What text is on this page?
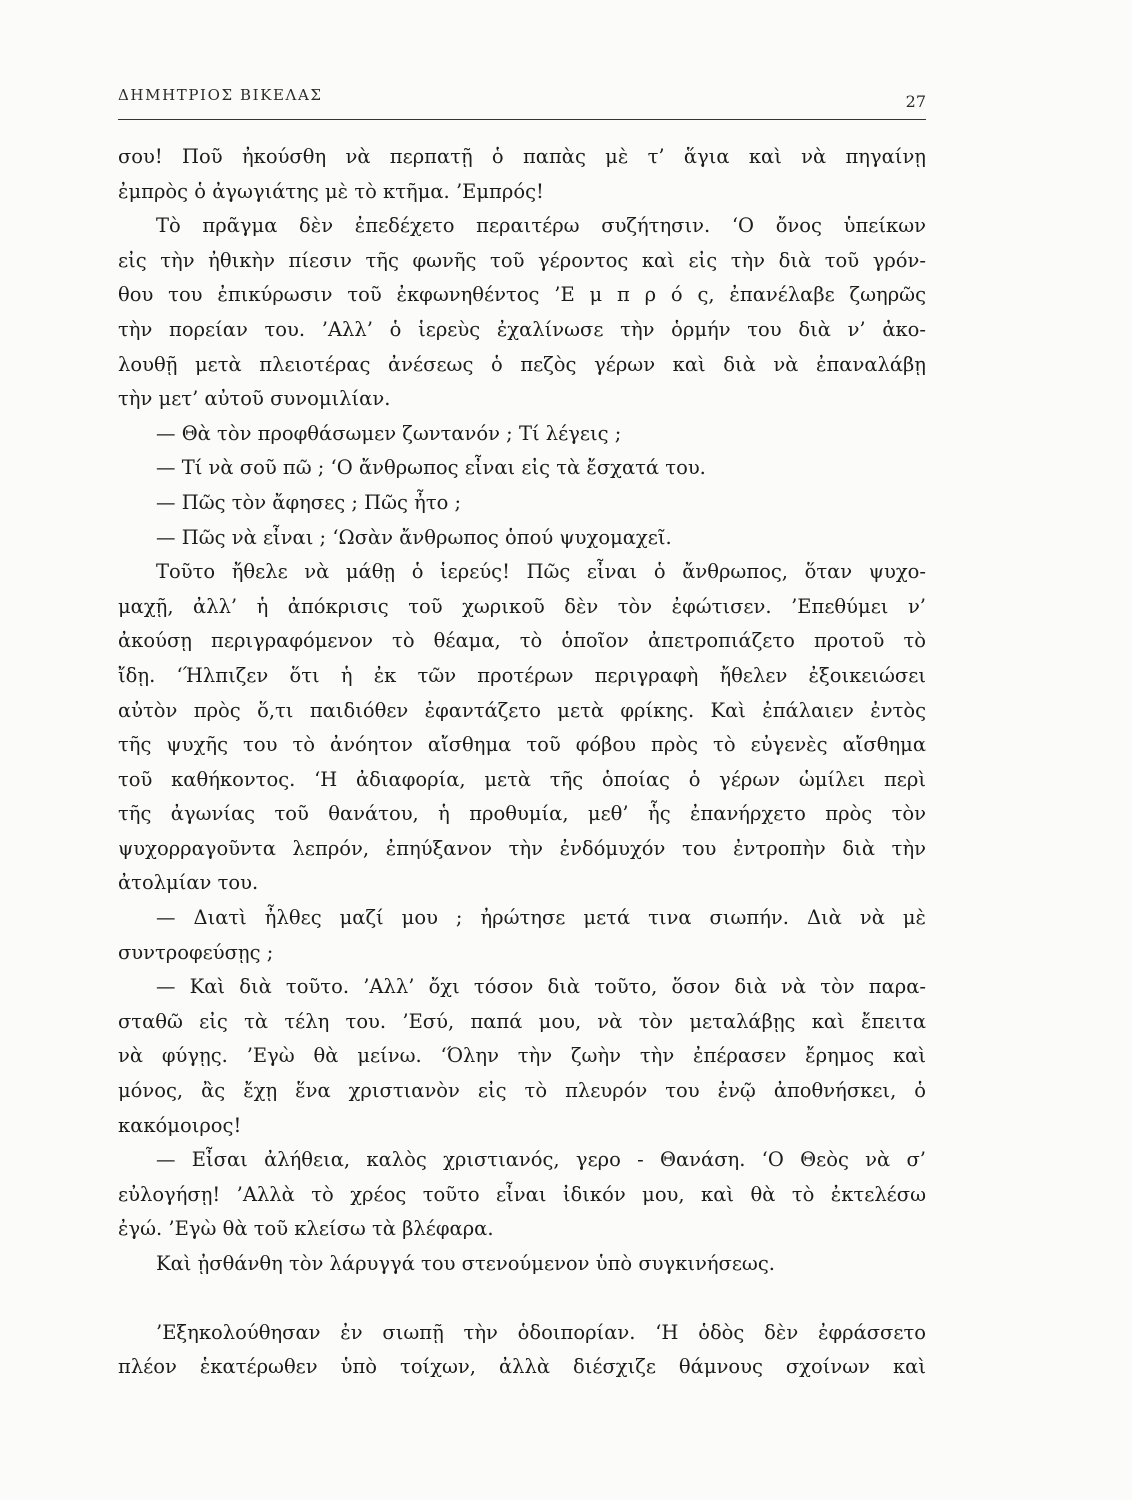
ΔΗΜΗΤΡΙΟΣ ΒΙΚΕΛΑΣ	27
σου! Ποῦ ἠκούσθη νὰ περπατῇ ὁ παπὰς μὲ τ’ ἅγια καὶ νὰ πηγαίνῃ
ἐμπρὸς ὁ ἀγωγιάτης μὲ τὸ κτῆμα. ’Εμπρός!
Τὸ πρᾶγμα δὲν ἐπεδέχετο περαιτέρω συζήτησιν. ‘Ο ὄνος ὑπείκων
εἰς τὴν ἠθικὴν πίεσιν τῆς φωνῆς τοῦ γέροντος καὶ εἰς τὴν διὰ τοῦ γρόν-
θου του ἐπικύρωσιν τοῦ ἐκφωνηθέντος ’Ε μ π ρ ό ς, ἐπανέλαβε ζωηρῶς
τὴν πορείαν του. ’Αλλ’ ὁ ἱερεὺς ἐχαλίνωσε τὴν ὁρμήν του διὰ ν’ ἀκο-
λουθῇ μετὰ πλειοτέρας ἀνέσεως ὁ πεζὸς γέρων καὶ διὰ νὰ ἐπαναλάβῃ
τὴν μετ’ αὐτοῦ συνομιλίαν.
— Θὰ τὸν προφθάσωμεν ζωντανόν ; Τί λέγεις ;
— Τί νὰ σοῦ πῶ ; ‘Ο ἄνθρωπος εἶναι εἰς τὰ ἔσχατά του.
— Πῶς τὸν ἄφησες ; Πῶς ἦτο ;
— Πῶς νὰ εἶναι ; ‘Ωσὰν ἄνθρωπος ὁπού ψυχομαχεῖ.
Τοῦτο ἤθελε νὰ μάθῃ ὁ ἱερεύς! Πῶς εἶναι ὁ ἄνθρωπος, ὅταν ψυχο-
μαχῇ, ἀλλ’ ἡ ἀπόκρισις τοῦ χωρικοῦ δὲν τὸν ἐφώτισεν. ’Επεθύμει ν’
ἀκούσῃ περιγραφόμενον τὸ θέαμα, τὸ ὁποῖον ἀπετροπιάζετο προτοῦ τὸ
ἴδῃ. ‘Ήλπιζεν ὅτι ἡ ἐκ τῶν προτέρων περιγραφὴ ἤθελεν ἐξοικειώσει
αὐτὸν πρὸς ὅ,τι παιδιόθεν ἐφαντάζετο μετὰ φρίκης. Καὶ ἐπάλαιεν ἐντὸς
τῆς ψυχῆς του τὸ ἀνόητον αἴσθημα τοῦ φόβου πρὸς τὸ εὐγενὲς αἴσθημα
τοῦ καθήκοντος. ‘Η ἀδιαφορία, μετὰ τῆς ὁποίας ὁ γέρων ὡμίλει περὶ
τῆς ἀγωνίας τοῦ θανάτου, ἡ προθυμία, μεθ’ ἧς ἐπανήρχετο πρὸς τὸν
ψυχορραγοῦντα λεπρόν, ἐπηύξανον τὴν ἐνδόμυχόν του ἐντροπὴν διὰ τὴν
ἀτολμίαν του.
— Διατὶ ἦλθες μαζί μου ; ἠρώτησε μετά τινα σιωπήν. Διὰ νὰ μὲ
συντροφεύσῃς ;
— Καὶ διὰ τοῦτο. ’Αλλ’ ὄχι τόσον διὰ τοῦτο, ὅσον διὰ νὰ τὸν παρα-
σταθῶ εἰς τὰ τέλη του. ’Εσύ, παπά μου, νὰ τὸν μεταλάβῃς καὶ ἔπειτα
νὰ φύγῃς. ’Εγὼ θὰ μείνω. ‘Όλην τὴν ζωὴν τὴν ἐπέρασεν ἔρημος καὶ
μόνος, ἂς ἔχῃ ἕνα χριστιανὸν εἰς τὸ πλευρόν του ἐνῷ ἀποθνήσκει, ὁ
κακόμοιρος!
— Εἶσαι ἀλήθεια, καλὸς χριστιανός, γερο - Θανάση. ‘Ο Θεὸς νὰ σ’
εὐλογήσῃ! ’Αλλὰ τὸ χρέος τοῦτο εἶναι ἰδικόν μου, καὶ θὰ τὸ ἐκτελέσω
ἐγώ. ’Εγὼ θὰ τοῦ κλείσω τὰ βλέφαρα.
Καὶ ᾐσθάνθη τὸν λάρυγγά του στενούμενον ὑπὸ συγκινήσεως.
’Εξηκολούθησαν ἐν σιωπῇ τὴν ὁδοιπορίαν. ‘Η ὁδὸς δὲν ἐφράσσετο
πλέον ἑκατέρωθεν ὑπὸ τοίχων, ἀλλὰ διέσχιζε θάμνους σχοίνων καὶ
